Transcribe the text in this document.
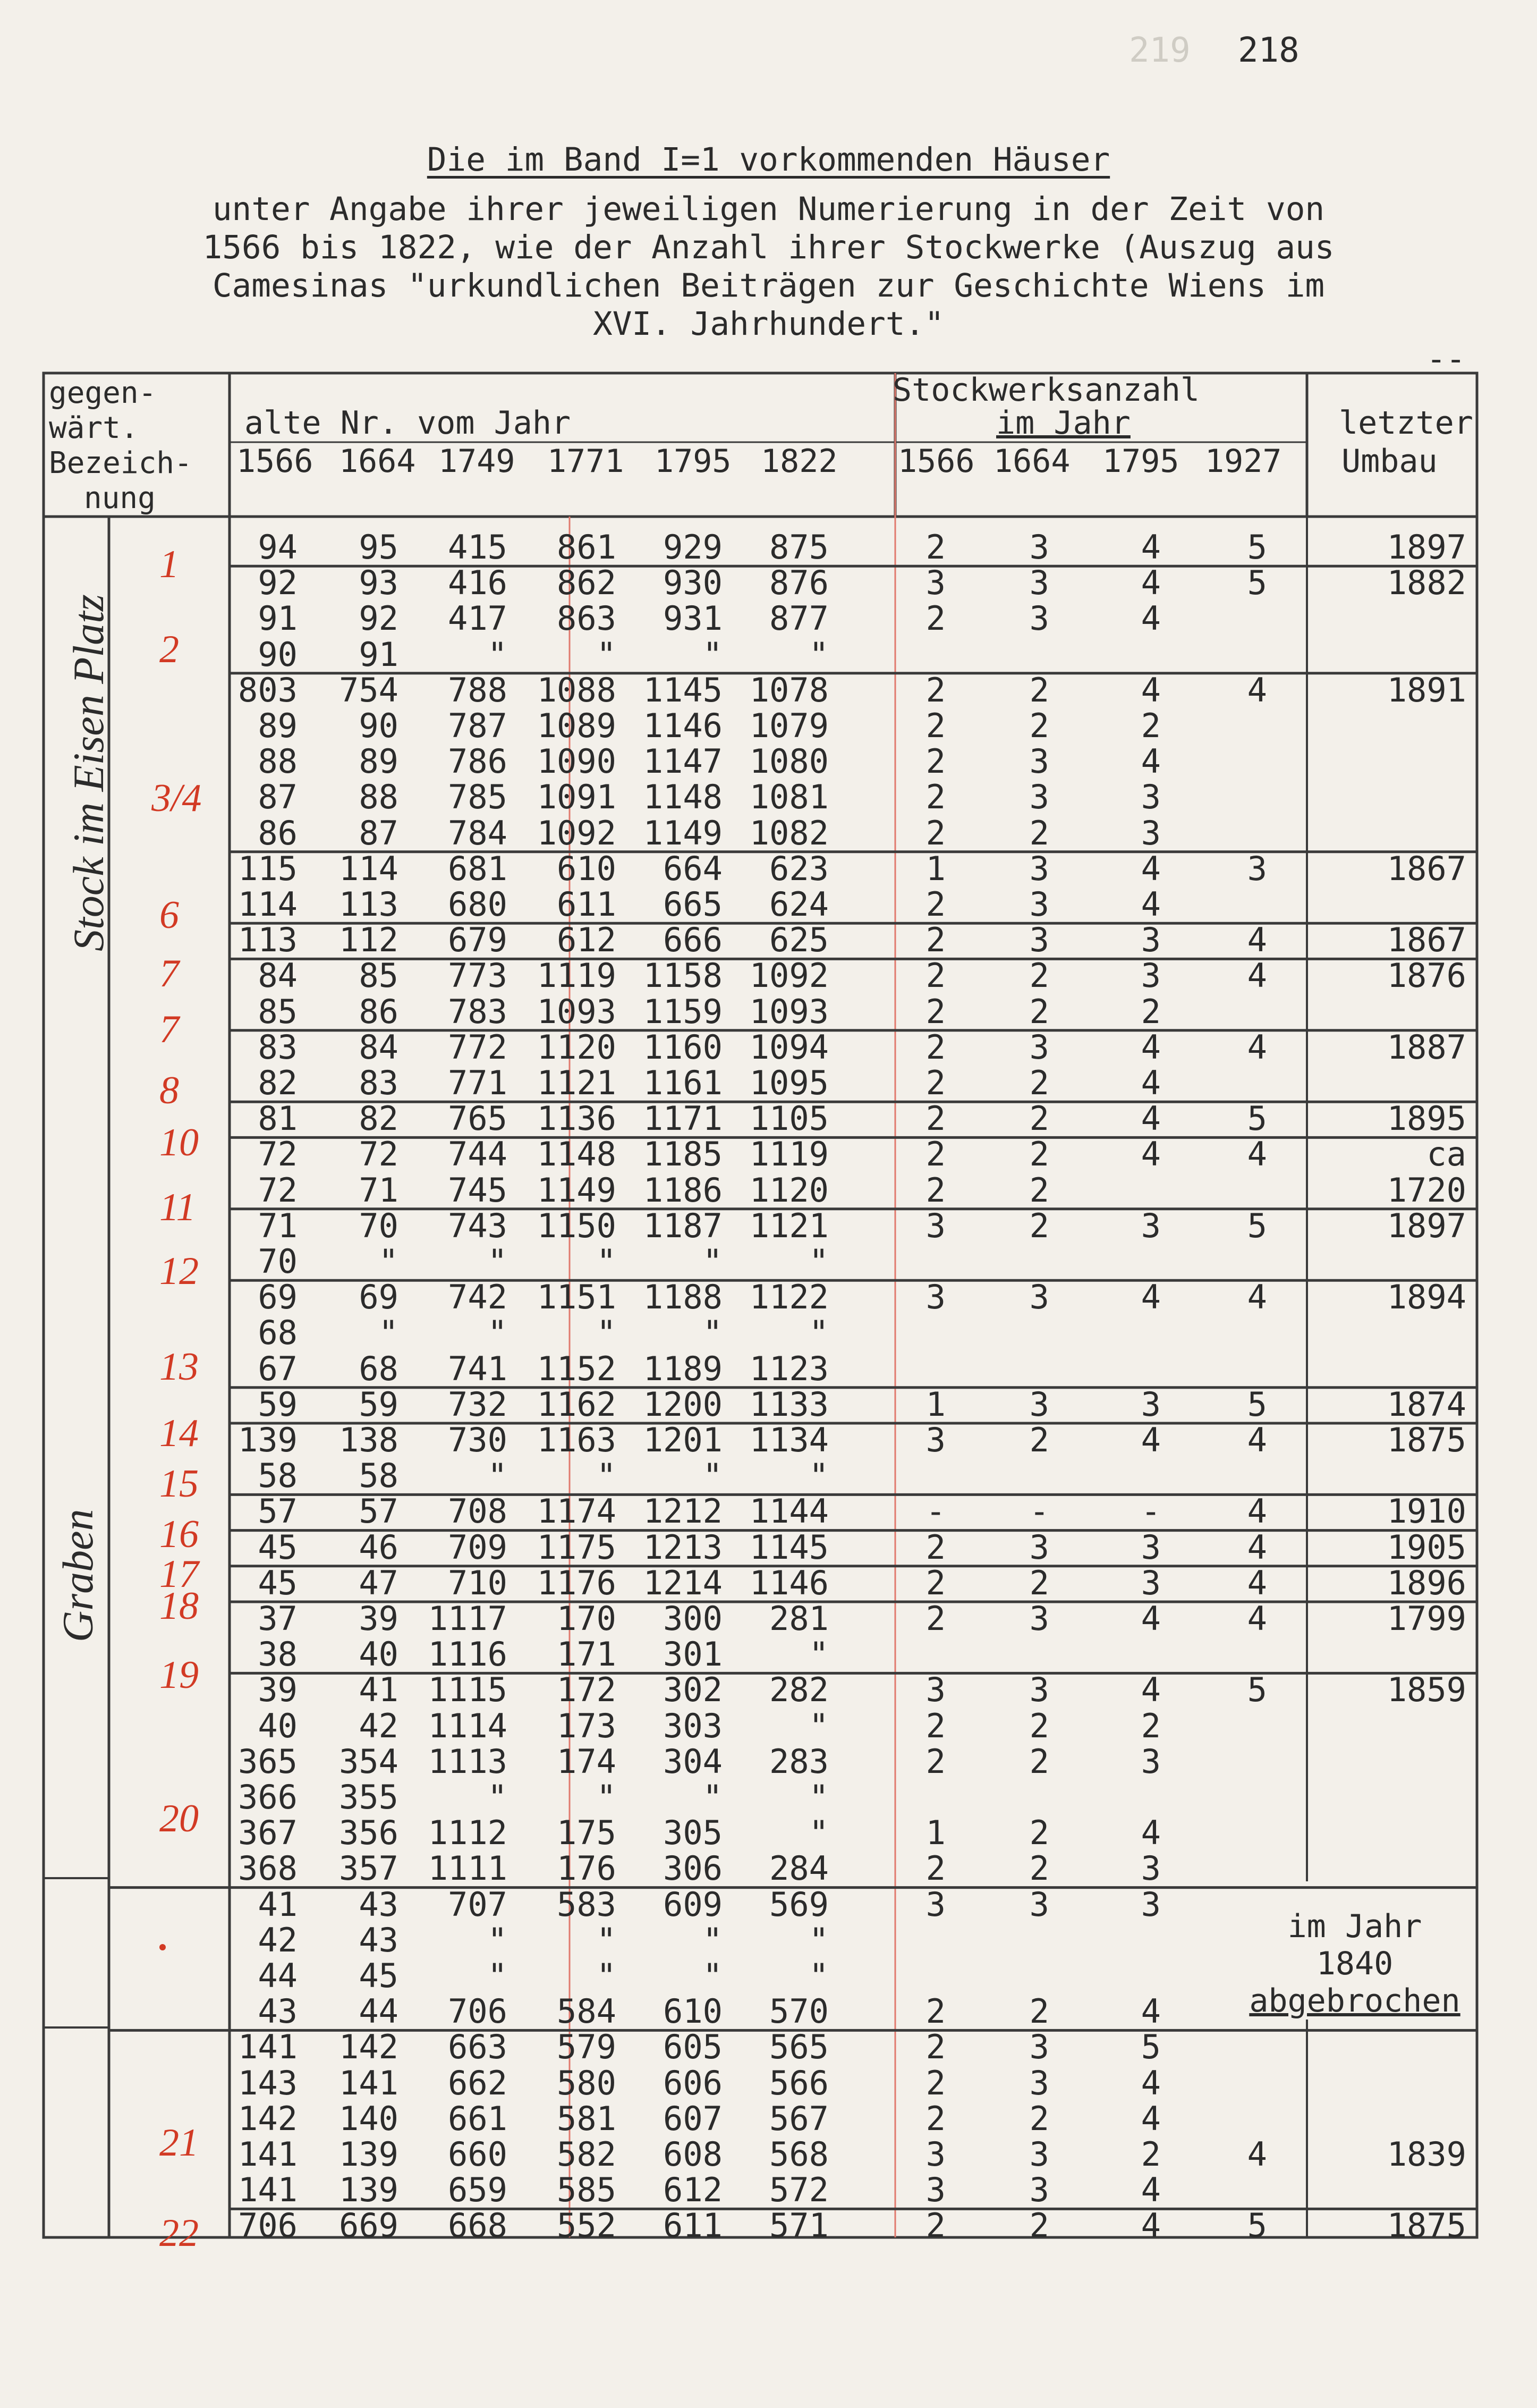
219 218
Die im Band I=1 vorkommenden Häuser
unter Angabe ihrer jeweiligen Numerierung in der Zeit von
1566 bis 1822, wie der Anzahl ihrer Stockwerke (Auszug aus
Camesinas "urkundlichen Beiträgen zur Geschichte Wiens im
XVI. Jahrhundert."
--
gegen-
wärt.
Bezeich-
nung
alte Nr. vom Jahr
Stockwerksanzahl
im Jahr	letzter
Umbau
1566 1664 1749 1771 1795 1822 1566 1664 1795 1927
94
92
91
90
803
89
88
87
86
115
114
113
84
85
83
82
81
72
72
71
70
69
68
67
59
139
58
57
45
45
37
38
39
40
365
366
367
368
41
42
44
43
141
143
142
141
141
706
95
93
92
91
754
90
89
88
87
114
113
112
85
86
84
83
82
72
71
70
"
69
"
68
59
138
58
57
46
47
39
40
41
42
354
355
356
357
43
43
45
44
142
141
140
139
139
669
415
416
417
"
788
787
786
785
784
681
680
679
773
783
772
771
765
744
745
743
"
742
"
741
732
730
"
708
709
710
1117
1116
1115
1114
1113
"
1112
1111
707
"
"
706
663
662
661
660
659
668
861
862
863
"
1088
1089
1090
1091
1092
610
611
612
1119
1093
1120
1121
1136
1148
1149
1150
"
1151
"
1152
1162
1163
"
1174
1175
1176
170
171
172
173
174
"
175
176
583
"
"
584
579
580
581
582
585
552
929
930
931
"
1145
1146
1147
1148
1149
664
665
666
1158
1159
1160
1161
1171
1185
1186
1187
"
1188
"
1189
1200
1201
"
1212
1213
1214
300
301
302
303
304
"
305
306
609
"
"
610
605
606
607
608
612
611
875
876
877
"
1078
1079
1080
1081
1082
623
624
625
1092
1093
1094
1095
1105
1119
1120
1121
"
1122
"
1123
1133
1134
"
1144
1145
1146
281
"
282
"
283
"
"
284
569
"
"
570
565
566
567
568
572
571
2
3
2
2
2
2
2
2
1
2
2
2
2
2
2
2
2
2
3
3
1
3
-
2
2
2
3
2
2
1
2
3
2
2
2
2
3
3
2
3
3
3
2
2
3
3
2
3
3
3
2
2
3
2
2
2
2
2
3
3
2
-
3
2
3
3
2
2
2
2
3
2
3
3
2
3
3
2
4
4
4
4
2
4
3
3
4
4
3
3
2
4
4
4
4
3
4
3
4
-
3
3
4
4
2
3
4
3
3
4
5
4
4
2
4
4
5
5
4
3
4
4
4
5
4
5
4
5
4
4
4
4
4
5
4
5
1897
1882
1891
1867
1867
1876
1887
1895
ca
1720
1897
1894
1874
1875
1910
1905
1896
1799
1859
1839
1875
1
2
3/4
6
7
7
8
10
11
12
13
14
15
16
17
18
19
20
21
22
Stock im Eisen Platz
Graben
im Jahr
1840
abgebrochen
